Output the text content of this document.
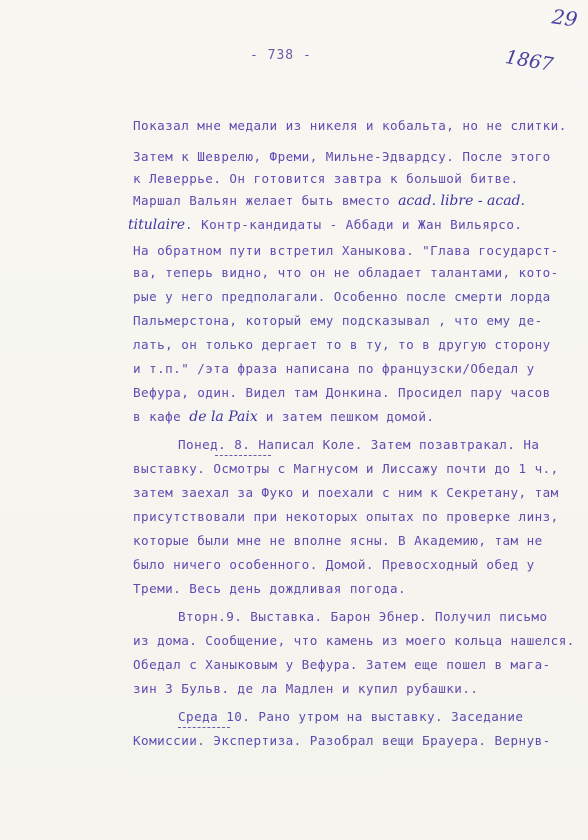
- 738 -
29
1867
Показал мне медали из никеля и кобальта, но не слитки.
Затем к Шеврелю, Фреми, Мильне-Эдвардсу. После этого
к Леверрье. Он готовится завтра к большой битве.
Маршал Вальян желает быть вместо acad. libre - acad.
titulaire. Контр-кандидаты - Аббади и Жан Вильярсо.
На обратном пути встретил Ханыкова. "Глава государст-
ва, теперь видно, что он не обладает талантами, кото-
рые у него предполагали. Особенно после смерти лорда
Пальмерстона, который ему подсказывал , что ему де-
лать, он только дергает то в ту, то в другую сторону
и т.п." /эта фраза написана по французски/Обедал у
Вефура, один. Видел там Донкина. Просидел пару часов
в кафе de la Paix и затем пешком домой.
Понед. 8. Написал Коле. Затем позавтракал. На
выставку. Осмотры с Магнусом и Лиссажу почти до 1 ч.,
затем заехал за Фуко и поехали с ним к Секретану, там
присутствовали при некоторых опытах по проверке линз,
которые были мне не вполне ясны. В Академию, там не
было ничего особенного. Домой. Превосходный обед у
Треми. Весь день дождливая погода.
Вторн.9. Выставка. Барон Эбнер. Получил письмо
из дома. Сообщение, что камень из моего кольца нашелся.
Обедал с Ханыковым у Вефура. Затем еще пошел в мага-
зин 3 Бульв. де ла Мадлен и купил рубашки..
Среда 10. Рано утром на выставку. Заседание
Комиссии. Экспертиза. Разобрал вещи Брауера. Вернув-
